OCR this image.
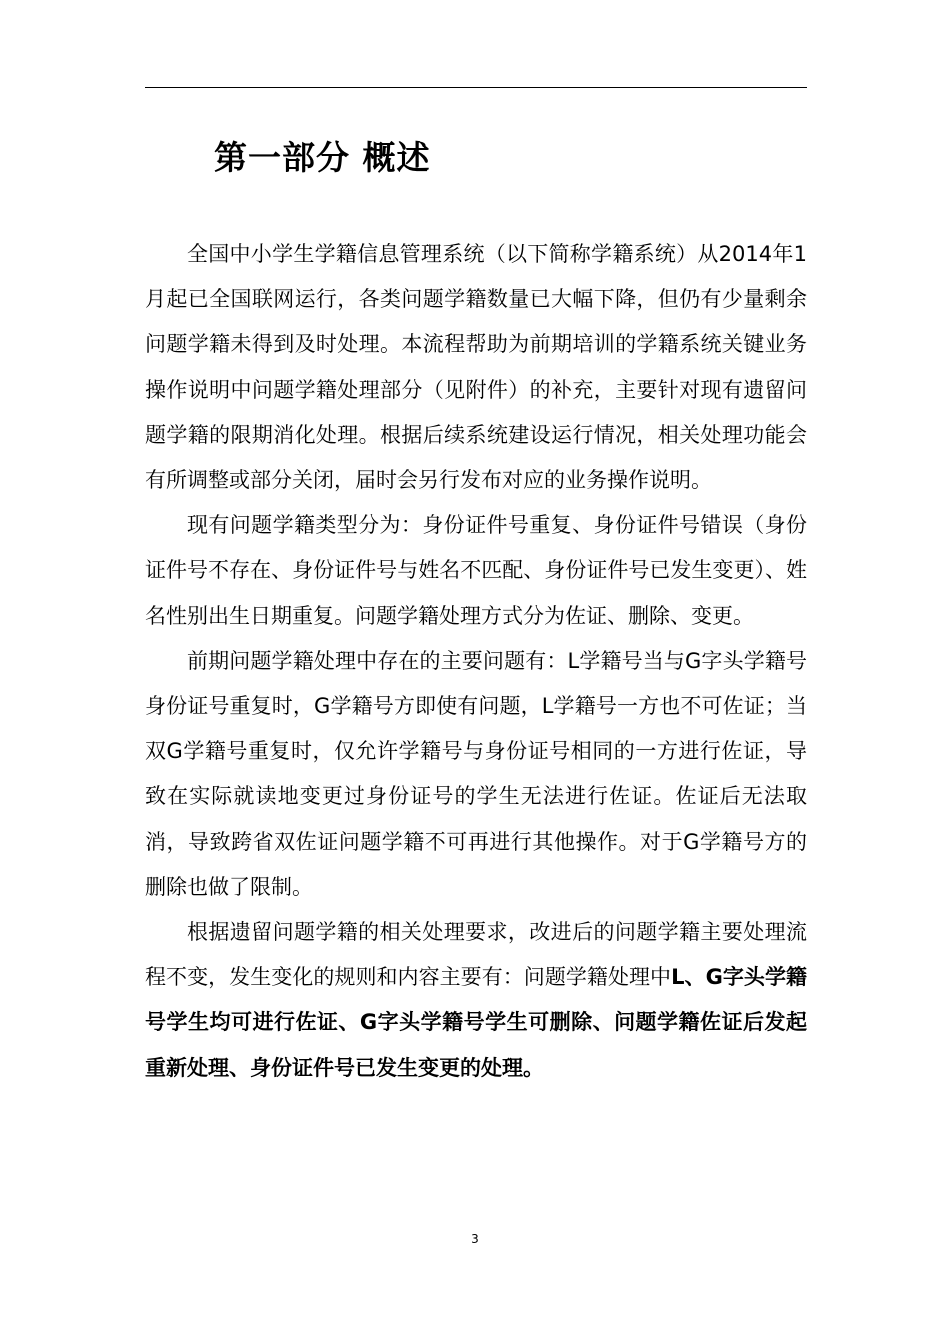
第一部分 概述

全国中小学生学籍信息管理系统（以下简称学籍系统）从2014年1月起已全国联网运行，各类问题学籍数量已大幅下降，但仍有少量剩余问题学籍未得到及时处理。本流程帮助为前期培训的学籍系统关键业务操作说明中问题学籍处理部分（见附件）的补充，主要针对现有遗留问题学籍的限期消化处理。根据后续系统建设运行情况，相关处理功能会有所调整或部分关闭，届时会另行发布对应的业务操作说明。

现有问题学籍类型分为：身份证件号重复、身份证件号错误（身份证件号不存在、身份证件号与姓名不匹配、身份证件号已发生变更）、姓名性别出生日期重复。问题学籍处理方式分为佐证、删除、变更。

前期问题学籍处理中存在的主要问题有：L学籍号当与G字头学籍号身份证号重复时，G学籍号方即使有问题，L学籍号一方也不可佐证；当双G学籍号重复时，仅允许学籍号与身份证号相同的一方进行佐证，导致在实际就读地变更过身份证号的学生无法进行佐证。佐证后无法取消，导致跨省双佐证问题学籍不可再进行其他操作。对于G学籍号方的删除也做了限制。

根据遗留问题学籍的相关处理要求，改进后的问题学籍主要处理流程不变，发生变化的规则和内容主要有：问题学籍处理中L、G字头学籍号学生均可进行佐证、G字头学籍号学生可删除、问题学籍佐证后发起重新处理、身份证件号已发生变更的处理。

3
